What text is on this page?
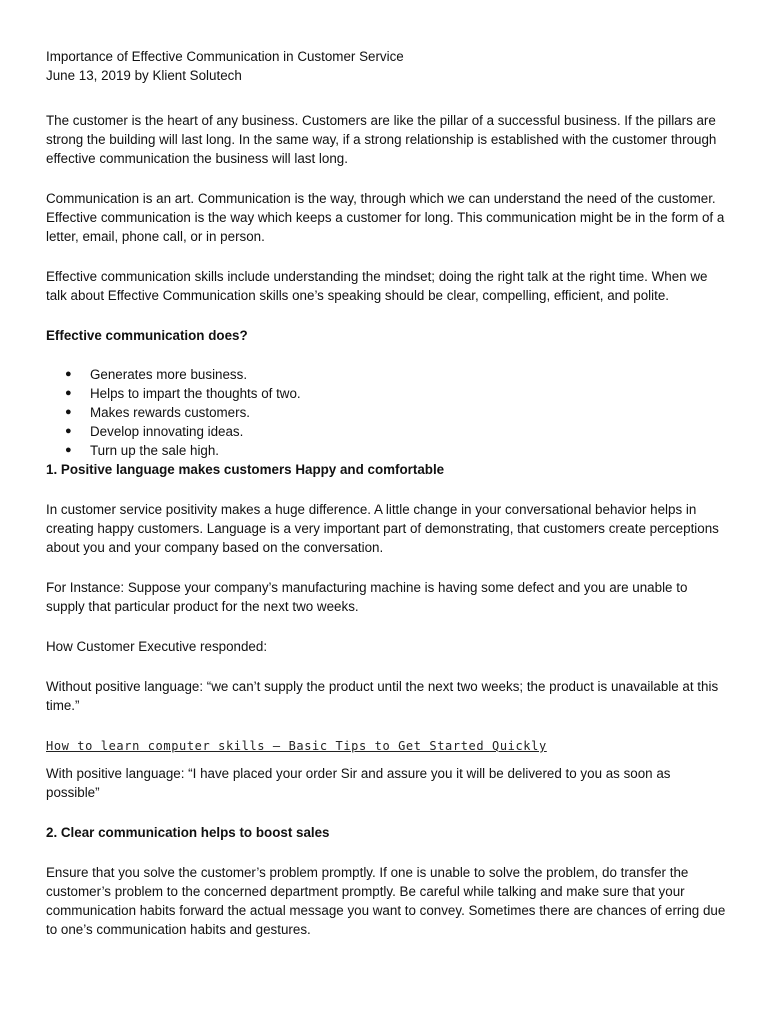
Importance of Effective Communication in Customer Service

June 13, 2019 by Klient Solutech

The customer is the heart of any business. Customers are like the pillar of a successful business. If the pillars are strong the building will last long. In the same way, if a strong relationship is established with the customer through effective communication the business will last long.

Communication is an art. Communication is the way, through which we can understand the need of the customer. Effective communication is the way which keeps a customer for long. This communication might be in the form of a letter, email, phone call, or in person.

Effective communication skills include understanding the mindset; doing the right talk at the right time. When we talk about Effective Communication skills one’s speaking should be clear, compelling, efficient, and polite.

Effective communication does?

● Generates more business.
● Helps to impart the thoughts of two.
● Makes rewards customers.
● Develop innovating ideas.
● Turn up the sale high.

1. Positive language makes customers Happy and comfortable

In customer service positivity makes a huge difference. A little change in your conversational behavior helps in creating happy customers. Language is a very important part of demonstrating, that customers create perceptions about you and your company based on the conversation.

For Instance: Suppose your company’s manufacturing machine is having some defect and you are unable to supply that particular product for the next two weeks.

How Customer Executive responded:

Without positive language: “we can’t supply the product until the next two weeks; the product is unavailable at this time.”

How to learn computer skills – Basic Tips to Get Started Quickly

With positive language: “I have placed your order Sir and assure you it will be delivered to you as soon as possible”

2. Clear communication helps to boost sales

Ensure that you solve the customer’s problem promptly. If one is unable to solve the problem, do transfer the customer’s problem to the concerned department promptly. Be careful while talking and make sure that your communication habits forward the actual message you want to convey. Sometimes there are chances of erring due to one’s communication habits and gestures.
